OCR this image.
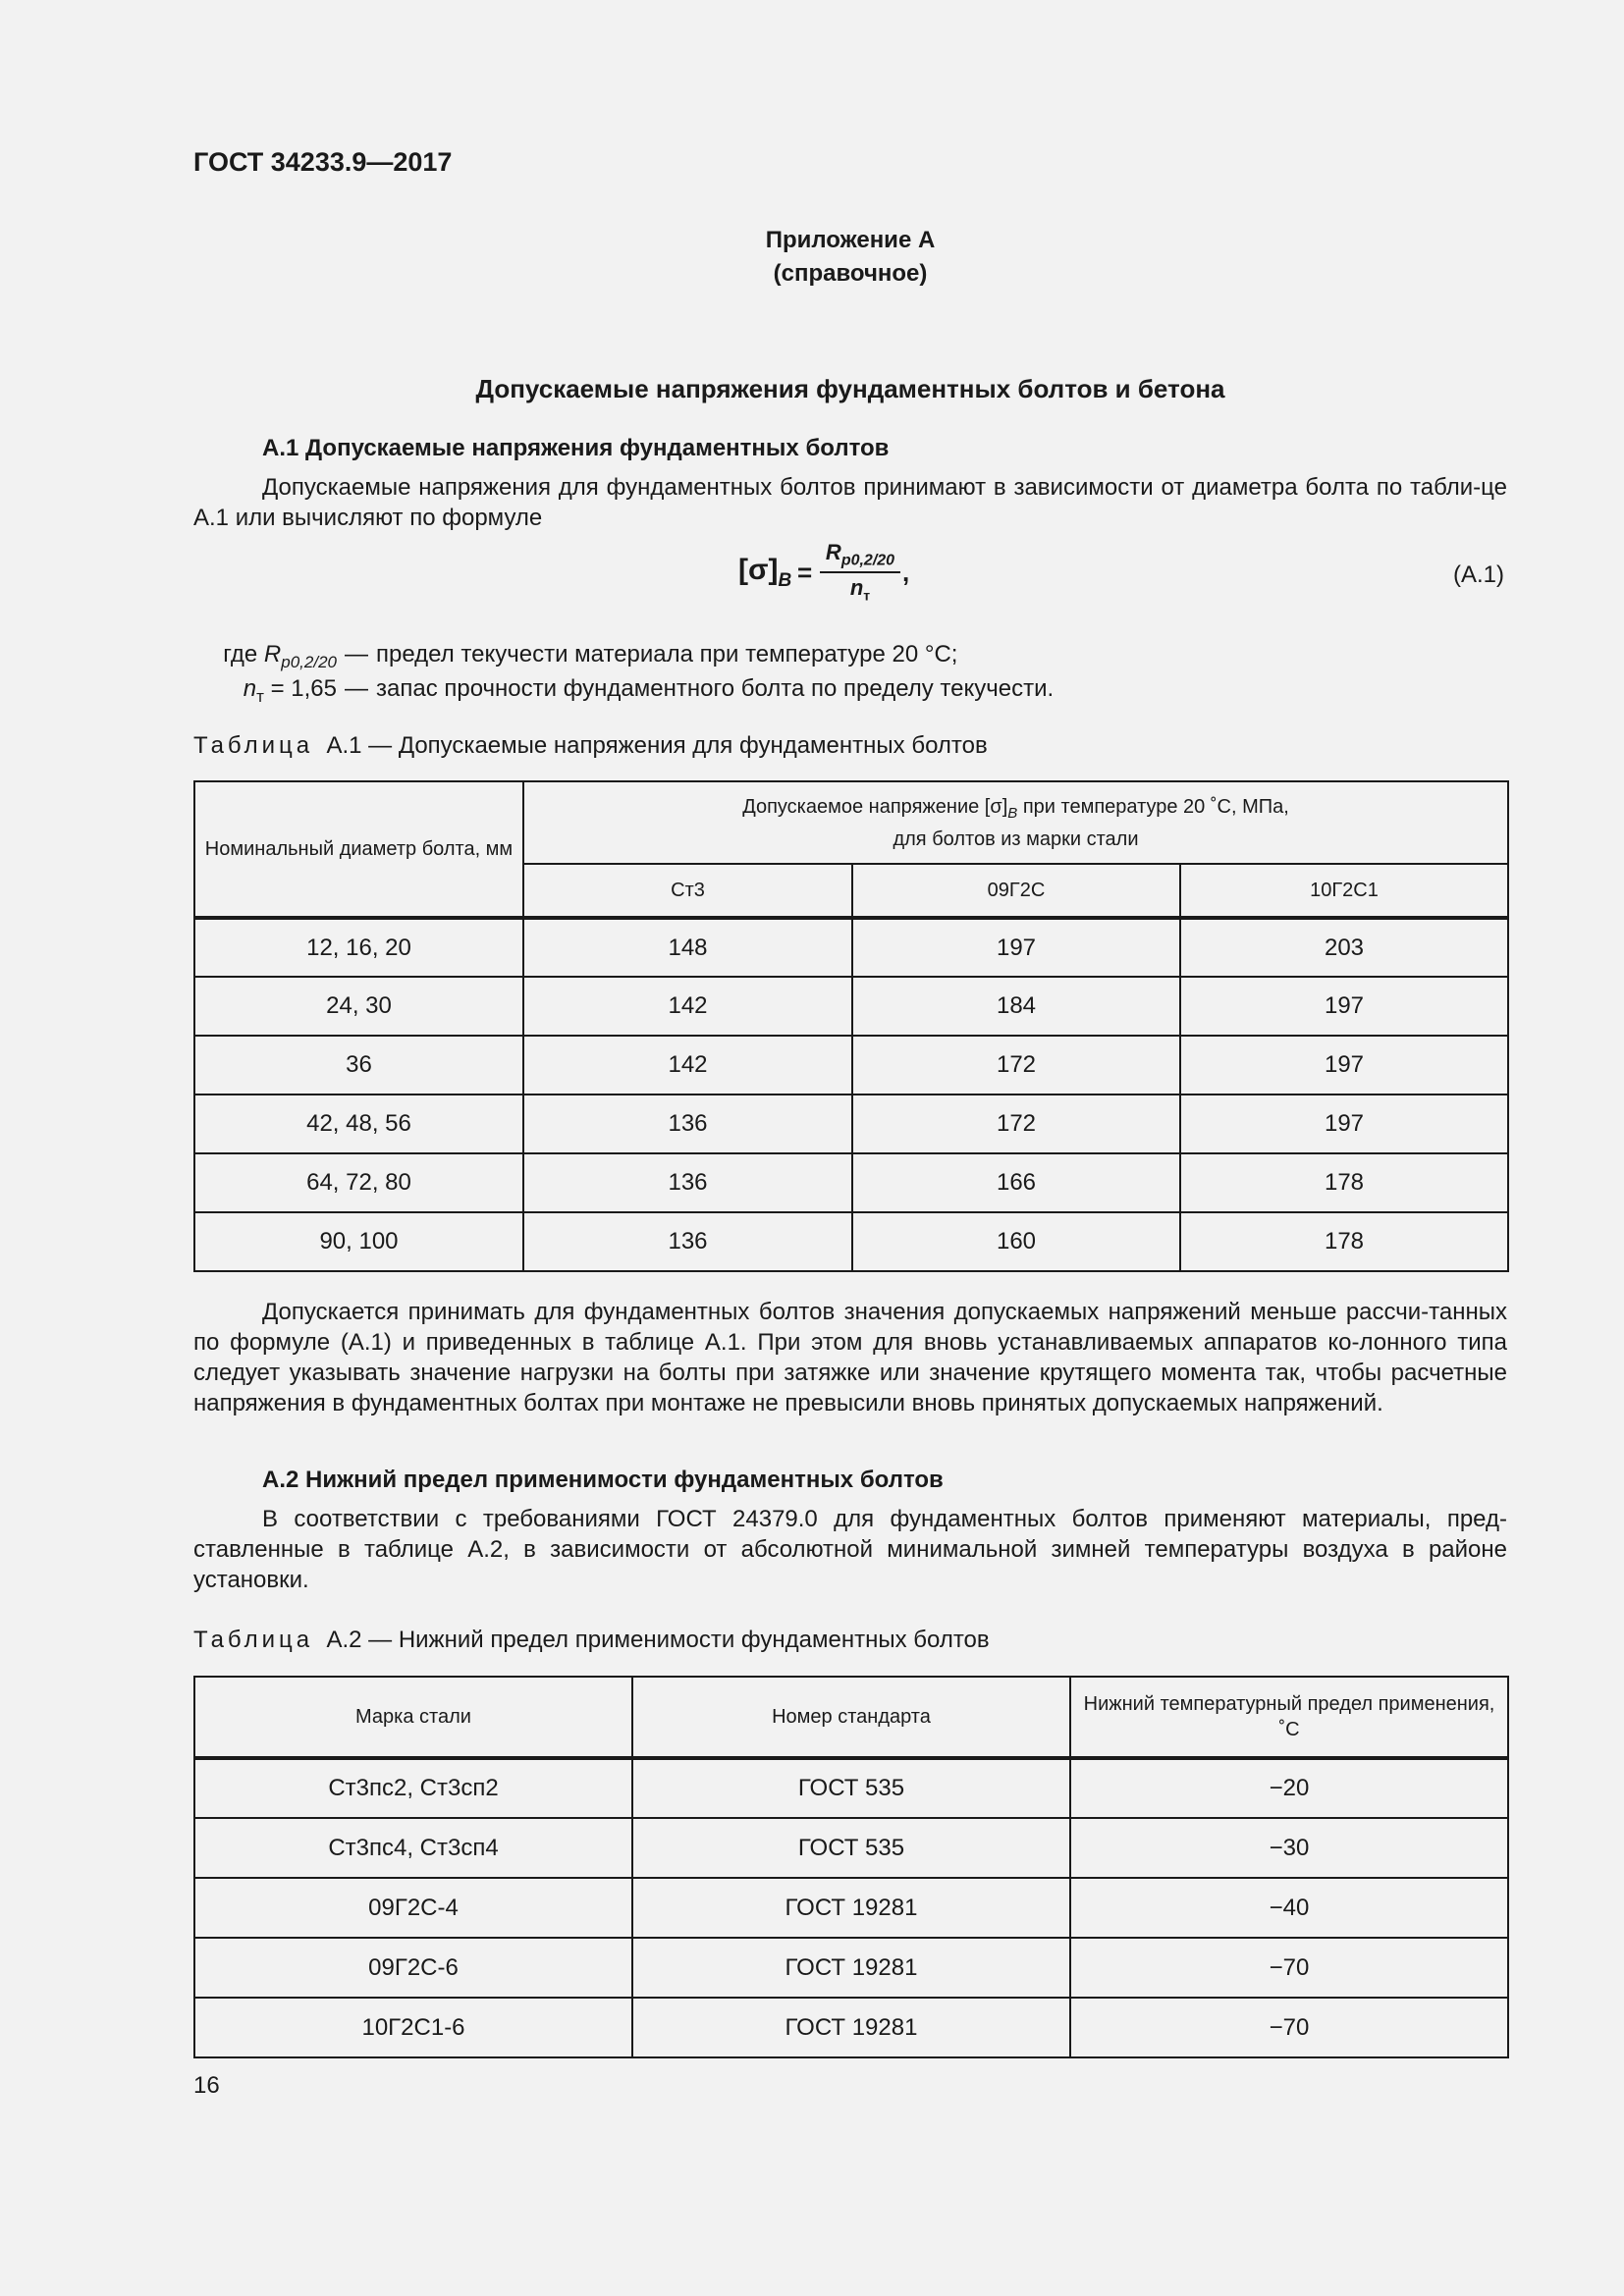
ГОСТ 34233.9—2017
Приложение А
(справочное)
Допускаемые напряжения фундаментных болтов и бетона
А.1 Допускаемые напряжения фундаментных болтов
Допускаемые напряжения для фундаментных болтов принимают в зависимости от диаметра болта по табли-це А.1 или вычисляют по формуле
$[\sigma]_B$ =
$R_{p0,2/20}$
$n_т$
,	(А.1)
где $R_{p0,2/20}$ — предел текучести материала при температуре 20 °С;
$n_т = 1,65$ — запас прочности фундаментного болта по пределу текучести.
Таблица А.1 — Допускаемые напряжения для фундаментных болтов
Номинальный диаметр болта, мм	Допускаемое напряжение $[\sigma]_B$ при температуре 20 ˚С, МПа,
для болтов из марки стали		
	Ст3	09Г2С	10Г2С1
12, 16, 20	148	197	203
24, 30	142	184	197
36	142	172	197
42, 48, 56	136	172	197
64, 72, 80	136	166	178
90, 100	136	160	178
Допускается принимать для фундаментных болтов значения допускаемых напряжений меньше рассчи-танных по формуле (А.1) и приведенных в таблице А.1. При этом для вновь устанавливаемых аппаратов ко-лонного типа следует указывать значение нагрузки на болты при затяжке или значение крутящего момента так, чтобы расчетные напряжения в фундаментных болтах при монтаже не превысили вновь принятых допускаемых напряжений.
А.2 Нижний предел применимости фундаментных болтов
В соответствии с требованиями ГОСТ 24379.0 для фундаментных болтов применяют материалы, пред-ставленные в таблице А.2, в зависимости от абсолютной минимальной зимней температуры воздуха в районе установки.
Таблица А.2 — Нижний предел применимости фундаментных болтов
Марка стали	Номер стандарта	Нижний температурный предел применения, ˚С
Ст3пс2, Ст3сп2	ГОСТ 535	−20
Ст3пс4, Ст3сп4	ГОСТ 535	−30
09Г2С-4	ГОСТ 19281	−40
09Г2С-6	ГОСТ 19281	−70
10Г2С1-6	ГОСТ 19281	−70
16
